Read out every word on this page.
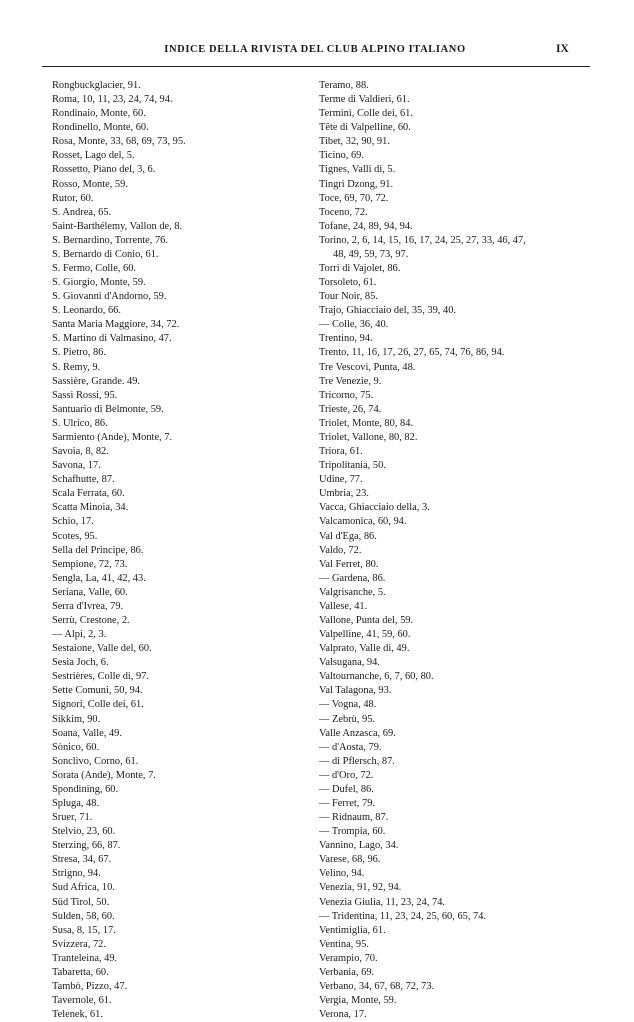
INDICE DELLA RIVISTA DEL CLUB ALPINO ITALIANO	IX
Rongbuckglacier, 91.
Roma, 10, 11, 23, 24, 74, 94.
Rondinaio, Monte, 60.
Rondinello, Monte, 60.
Rosa, Monte, 33, 68, 69, 73, 95.
Rosset, Lago del, 5.
Rossetto, Piano del, 3, 6.
Rosso, Monte, 59.
Rutor, 60.
S. Andrea, 65.
Saint-Barthélemy, Vallon de, 8.
S. Bernardino, Torrente, 76.
S. Bernardo di Conio, 61.
S. Fermo, Colle, 60.
S. Giorgio, Monte, 59.
S. Giovanni d'Andorno, 59.
S. Leonardo, 66.
Santa Maria Maggiore, 34, 72.
S. Martino di Valmasino, 47.
S. Pietro, 86.
S. Remy, 9.
Sassière, Grande. 49.
Sassi Rossi, 95.
Santuario di Belmonte, 59.
S. Ulrico, 86.
Sarmiento (Ande), Monte, 7.
Savoia, 8, 82.
Savona, 17.
Schafhutte, 87.
Scala Ferrata, 60.
Scatta Minoia, 34.
Schio, 17.
Scotes, 95.
Sella del Principe, 86.
Sempione, 72, 73.
Sengla, La, 41, 42, 43.
Seriana, Valle, 60.
Serra d'Ivrea, 79.
Serrù, Crestone, 2.
— Alpi, 2, 3.
Sestaione, Valle del, 60.
Sesia Joch, 6.
Sestrières, Colle di, 97.
Sette Comuni, 50, 94.
Signori, Colle dei, 61.
Sikkim, 90.
Soana, Valle, 49.
Sònico, 60.
Sonclivo, Corno, 61.
Sorata (Ande), Monte, 7.
Spondining, 60.
Spluga, 48.
Sruer, 71.
Stelvio, 23, 60.
Sterzing, 66, 87.
Stresa, 34, 67.
Strigno, 94.
Sud Africa, 10.
Süd Tirol, 50.
Sulden, 58, 60.
Susa, 8, 15, 17.
Svizzera, 72.
Tranteleina, 49.
Tabaretta, 60.
Tambò, Pizzo, 47.
Tavernole, 61.
Telenek, 61.
Teramo, 88.
Terme di Valdieri, 61.
Termini, Colle dei, 61.
Tête di Valpelline, 60.
Tibet, 32, 90, 91.
Ticino, 69.
Tignes, Valli di, 5.
Tingri Dzong, 91.
Toce, 69, 70, 72.
Toceno, 72.
Tofane, 24, 89, 94, 94.
Torino, 2, 6, 14, 15, 16, 17, 24, 25, 27, 33, 46, 47,
48, 49, 59, 73, 97.
Torri di Vajolet, 86.
Torsoleto, 61.
Tour Noir, 85.
Trajo, Ghiacciaio del, 35, 39, 40.
— Colle, 36, 40.
Trentino, 94.
Trento, 11, 16, 17, 26, 27, 65, 74, 76, 86, 94.
Tre Vescovi, Punta, 48.
Tre Venezie, 9.
Tricorno, 75.
Trieste, 26, 74.
Triolet, Monte, 80, 84.
Triolet, Vallone, 80, 82.
Triora, 61.
Tripolitania, 50.
Udine, 77.
Umbria, 23.
Vacca, Ghiacciaio della, 3.
Valcamonica, 60, 94.
Val d'Ega, 86.
Valdo, 72.
Val Ferret, 80.
— Gardena, 86.
Valgrisanche, 5.
Vallese, 41.
Vallone, Punta del, 59.
Valpelline, 41, 59, 60.
Valprato, Valle di, 49.
Valsugana, 94.
Valtournanche, 6, 7, 60, 80.
Val Talagona, 93.
— Vogna, 48.
— Zebrù, 95.
Valle Anzasca, 69.
— d'Aosta, 79.
— di Pflersch, 87.
— d'Oro, 72.
— Dufel, 86.
— Ferret, 79.
— Ridnaum, 87.
— Trompia, 60.
Vannino, Lago, 34.
Varese, 68, 96.
Velino, 94.
Venezia, 91, 92, 94.
Venezia Giulia, 11, 23, 24, 74.
— Tridentina, 11, 23, 24, 25, 60, 65, 74.
Ventimiglia, 61.
Ventina, 95.
Verampio, 70.
Verbania, 69.
Verbano, 34, 67, 68, 72, 73.
Vergia, Monte, 59.
Verona, 17.
